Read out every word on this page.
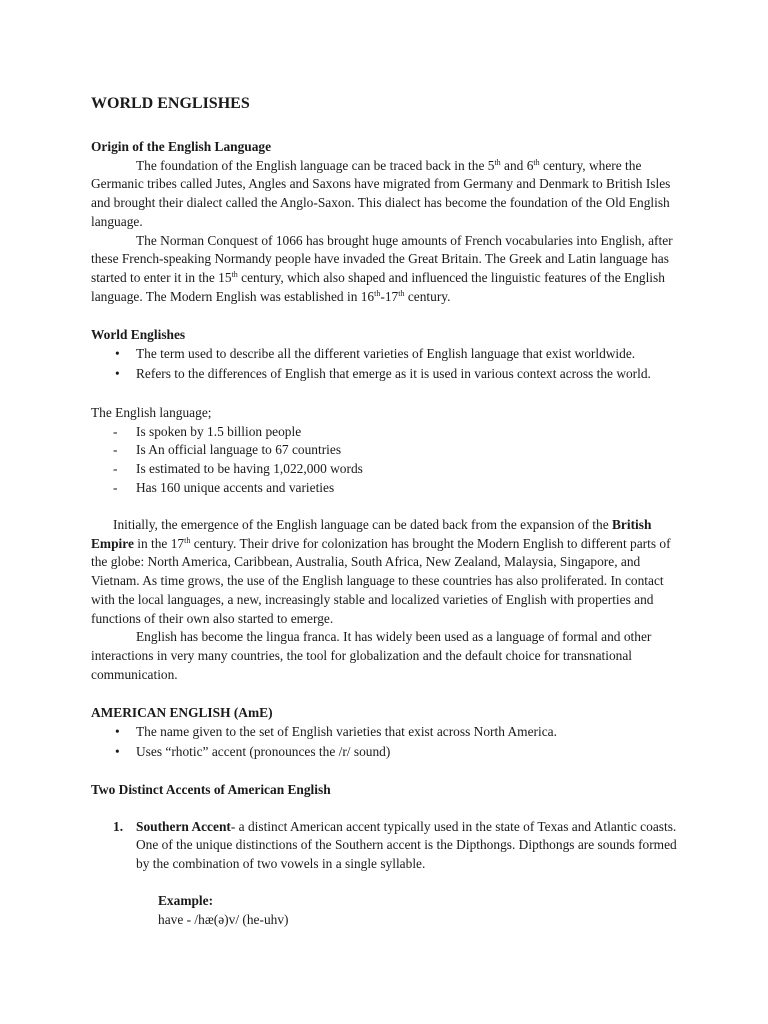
WORLD ENGLISHES

Origin of the English Language

The foundation of the English language can be traced back in the 5th and 6th century, where the Germanic tribes called Jutes, Angles and Saxons have migrated from Germany and Denmark to British Isles and brought their dialect called the Anglo-Saxon. This dialect has become the foundation of the Old English language.

The Norman Conquest of 1066 has brought huge amounts of French vocabularies into English, after these French-speaking Normandy people have invaded the Great Britain. The Greek and Latin language has started to enter it in the 15th century, which also shaped and influenced the linguistic features of the English language. The Modern English was established in 16th-17th century.

World Englishes

• The term used to describe all the different varieties of English language that exist worldwide.
• Refers to the differences of English that emerge as it is used in various context across the world.

The English language;

- Is spoken by 1.5 billion people
- Is An official language to 67 countries
- Is estimated to be having 1,022,000 words
- Has 160 unique accents and varieties

Initially, the emergence of the English language can be dated back from the expansion of the British Empire in the 17th century. Their drive for colonization has brought the Modern English to different parts of the globe: North America, Caribbean, Australia, South Africa, New Zealand, Malaysia, Singapore, and Vietnam. As time grows, the use of the English language to these countries has also proliferated. In contact with the local languages, a new, increasingly stable and localized varieties of English with properties and functions of their own also started to emerge.

English has become the lingua franca. It has widely been used as a language of formal and other interactions in very many countries, the tool for globalization and the default choice for transnational communication.

AMERICAN ENGLISH (AmE)

• The name given to the set of English varieties that exist across North America.
• Uses “rhotic” accent (pronounces the /r/ sound)

Two Distinct Accents of American English

1. Southern Accent- a distinct American accent typically used in the state of Texas and Atlantic coasts. One of the unique distinctions of the Southern accent is the Dipthongs. Dipthongs are sounds formed by the combination of two vowels in a single syllable.

Example:

have - /hæ(ə)v/ (he-uhv)
